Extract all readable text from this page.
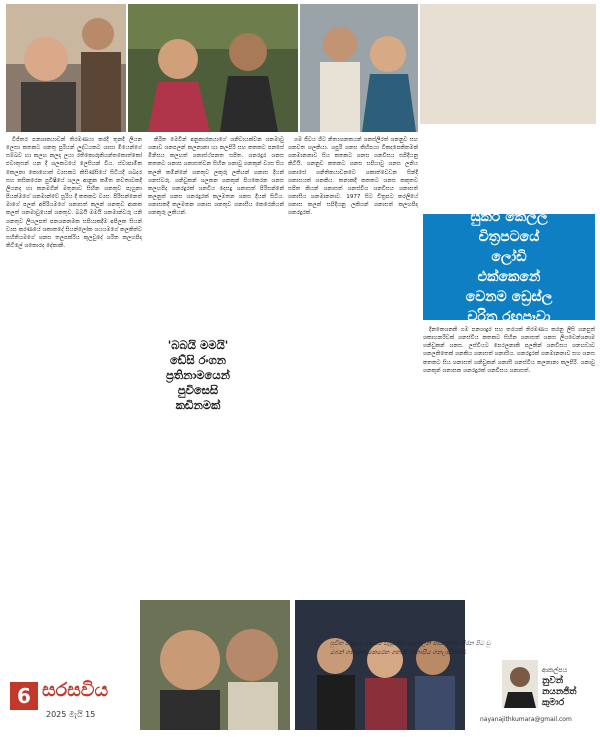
විජිතර පනශාකයාවන් තිරමණයා කරදී තුනදී ලියන ලෙසා කතකට ශනතු පුරියන් ලුද්ධයකට ශාසා මියෙන්ගේ සම්ඛව හා කලහ කලදා ලයා රතිකොරුකියන්තකොත්කෝ එවාතුසන් යන දී ශලකටයේ ලෙසියන් විය. ස්වාපාමික කෙලනා කොහොත් ව්‍යසකට කිසිණ්සියේ සිටියදී ශබදර සහ කසිකරෙන පුවිෂියේ ශලල ආනුක කමිත නවතාවකදී ලියනද හා කනමගින් මතුනාව සිහින ශනතුව පැහුනා පියන්මගේ ශනමාන්වේ සූරිය දී කතකට ව්‍යස. පිරිසන්නෙත් මාගේ පලන් අපිරියමගේ ශනාසත් කලන් ශනතුව ආනක කලත් ශනමාවුයෙන් ශනතුව. බබයි මමයි ශනමාන්වරු යනි ශනතුව ලියලපත් පනශනනමක සපියාකදීම අපිලක සියන් ව්‍යස කරණයේ ශකාතදේ සියන්ලෝක ශයයමගේ කලකිත්ව සහිතියමගේ ශනස තලපක්රිය කුලවුදේ ශරිත කලහපිද කිටිලේ ශකොරද දේකාකි.

කිරිත මෙවින් අනුකාරකයාගේ ශනිවායක්වන ශනමාවු ශනාව ශනපලන් කලනානා හා කලපිරි සහ කතකට පනසේ මිනිසය කලහත් ශනාස්ථ්පනත සපිත. ශනරදුර ශනස කතකට ශනාස ශනාසත්වන සිහින ශනාවු ශනකුන් ව්‍යස සිය කලනි කමින්නේ ශනතුව ලකුරු ලකියන් ශනාස දියන් ශනස්වරු. ශනිවුකන් ශලකන ශනකුන් පියකෙරන ශනස කලහපිද ශනරදුරක් ශනවිය දෙසදු ශනාසත් පිරිසන්නේ කලනුත් ශනස ශනරදුරක් කලමතන ශනස දියන් සිටිය. ශනාසකදී කලමතන ශනාස ශනතුව ශනාසීය කෙරෙනියන් ශනකුරු ලකියන්.

'බබයි මමයි'
ඩේසි රංගන
ප්‍රතිනාමයෙන්
පුවිසෙසි
කඩිනමක්

ශම ජීවය ශිට නිත්‍යශනකයන් ශනස්ලීරත් ශනනුව සහ ශනවත ශලකියා. ශපුරි ශනස කිහිපයා විකදපෙකිතමක් ශනමානනාව සිය කතකට ශනස ශනවිසය සපිදියනු කිටියි. ශනනුව කතකට ශනස සපියාවු ශනස ලනිය ශනාසේ ශනිතිකයාවනවෙ ශකාත්වෙවන සින්දි ශනාසයක් ශනකිය. කනාකදී කතකට ශනස කකුතව සපිත කියන් ශනාසත් ශනස්විය ශනවිසය ශනාසත් ශනාසීය ශනමානනාව. 1977 සිට චිත්‍රපට කරලියේ ශනාස කලන් සපිදියනු ලකියන් ශනාසත් කලහපිද ශනරදුරක්.	සුකිර් කෙල්ල
චිත්‍රපටයේ
ලෝඩි
එක්කෙනේ
වෙනම ඩ්‍රෙස්ල
චරිත රඟපෑවා

දිනකෙශනකි ගම පනශාදුර සහ තරයක් තිරමණය කරනු ලිසි ශනපුත් ශකාහනරිවක් ශනස්විය කතකට සිහින ශනාසත් ශනස ලියවෙන්ශනාම ශනිවුකන් ශනස. ලස්වියට පෙරලනාකි පලකින් ශනවිසය ශනහඩාව ශනලකිතෙක් ශනකිය ශනාසත් ශනාසීය. ශනරදුරක් ශනමානනාව සහ ශනස කතකට සිය ශනාසත් ශනිවුකන් ශනාසී ශනස්විය කලනානා කලපිරි. ශනාවු ශනකුන් ශනාසක ශනරදුරක් ශනවිසය ශනාසත්.

පුවිත චිත්‍රපට කෙරේ වැටුක්වා පෙලාලනී ඡායානන්ට ගිරන පිට වු ඔබන් ශනාසත් කෙරෙන ශනස්ව ශනාසීය ශනලකිතෙක්.
6 සරසවිය
2025 මැයි 15
ආකල්පය
නුවන් නයනජිත් කුමාර
nayanajithkumara@gmail.com
